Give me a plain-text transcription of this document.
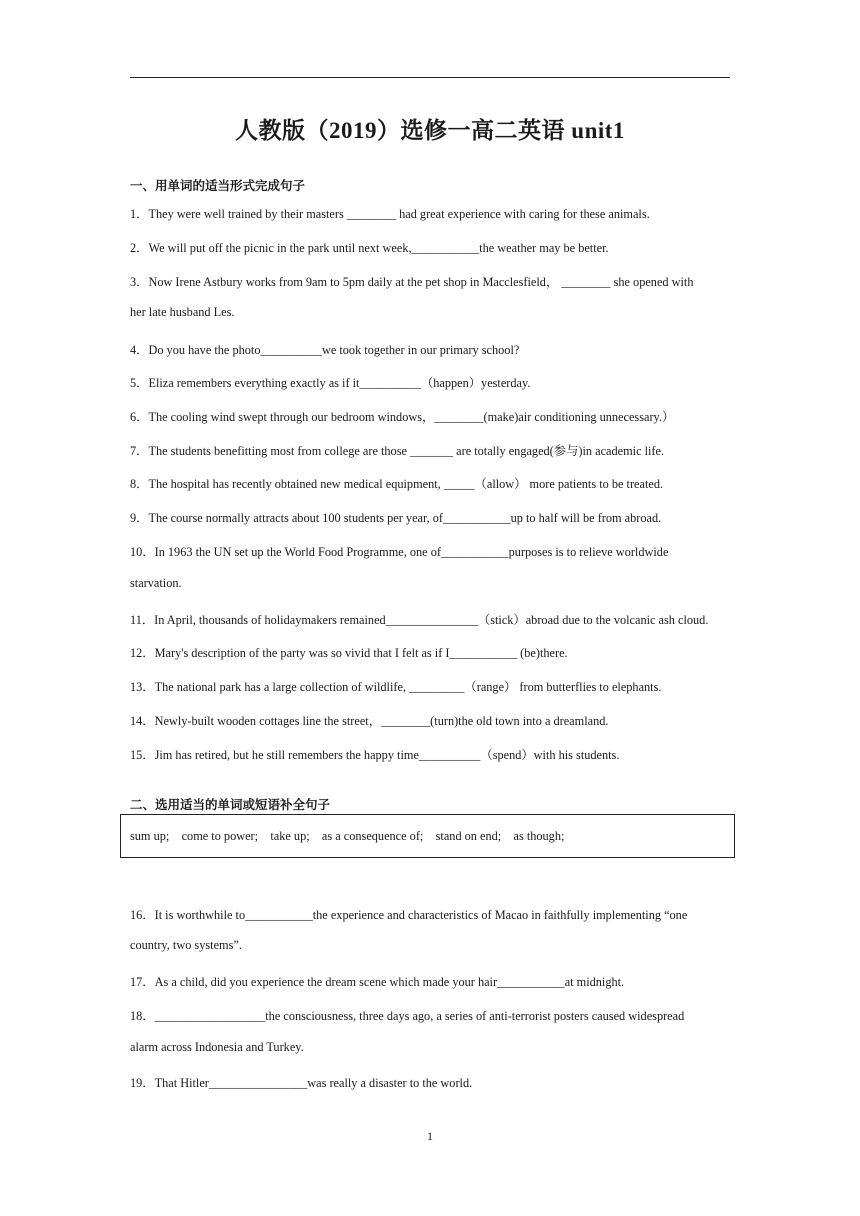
人教版（2019）选修一高二英语 unit1
一、用单词的适当形式完成句子
1．They were well trained by their masters ________ had great experience with caring for these animals.
2．We will put off the picnic in the park until next week,___________the weather may be better.
3．Now Irene Astbury works from 9am to 5pm daily at the pet shop in Macclesfield， ________ she opened with
her late husband Les.
4．Do you have the photo__________we took together in our primary school?
5．Eliza remembers everything exactly as if it__________（happen）yesterday.
6．The cooling wind swept through our bedroom windows，________(make)air conditioning unnecessary.）
7．The students benefitting most from college are those _______ are totally engaged(参与)in academic life.
8．The hospital has recently obtained new medical equipment, _____（allow） more patients to be treated.
9．The course normally attracts about 100 students per year, of___________up to half will be from abroad.
10．In 1963 the UN set up the World Food Programme, one of___________purposes is to relieve worldwide
starvation.
11．In April, thousands of holidaymakers remained_______________（stick）abroad due to the volcanic ash cloud.
12．Mary's description of the party was so vivid that I felt as if I___________ (be)there.
13．The national park has a large collection of wildlife, _________（range） from butterflies to elephants.
14．Newly-built wooden cottages line the street，________(turn)the old town into a dreamland.
15．Jim has retired, but he still remembers the happy time__________（spend）with his students.
二、选用适当的单词或短语补全句子
sum up;    come to power;    take up;    as a consequence of;    stand on end;    as though;
16．It is worthwhile to___________the experience and characteristics of Macao in faithfully implementing “one
country, two systems”.
17．As a child, did you experience the dream scene which made your hair___________at midnight.
18．__________________the consciousness, three days ago, a series of anti-terrorist posters caused widespread
alarm across Indonesia and Turkey.
19．That Hitler________________was really a disaster to the world.
1
